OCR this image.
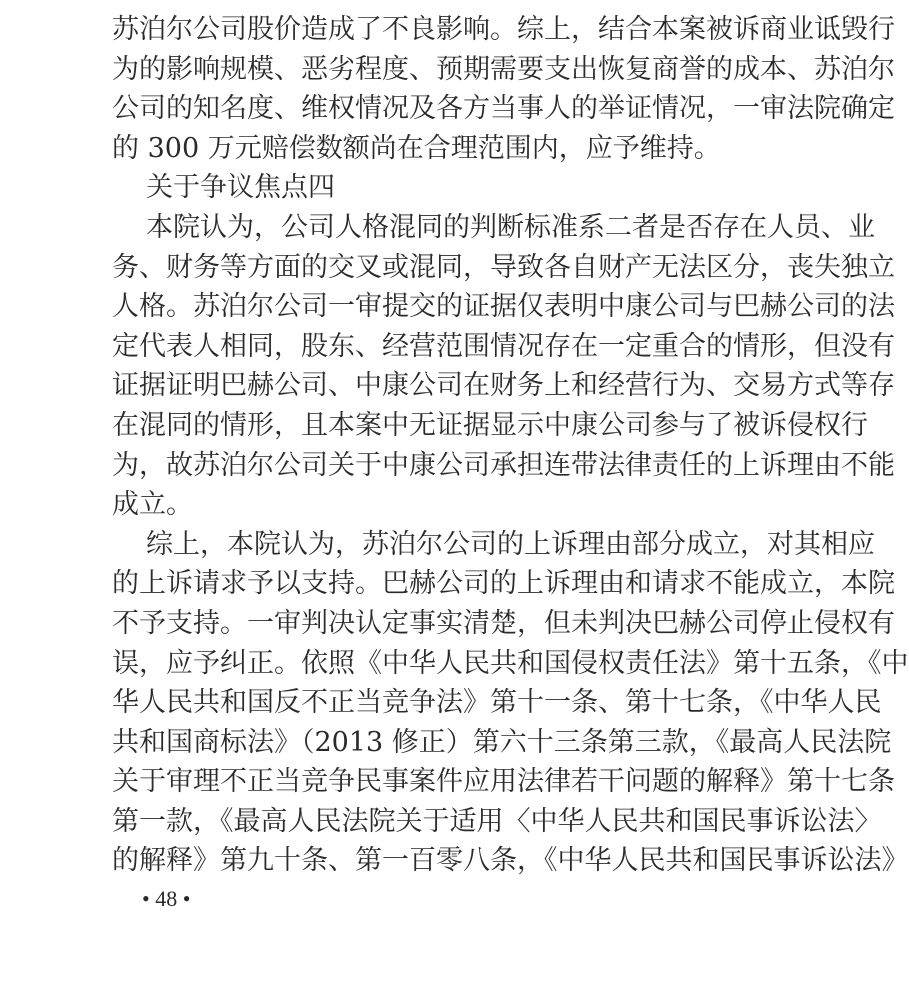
苏泊尔公司股价造成了不良影响。综上，结合本案被诉商业诋毁行
为的影响规模、恶劣程度、预期需要支出恢复商誉的成本、苏泊尔
公司的知名度、维权情况及各方当事人的举证情况，一审法院确定
的 300 万元赔偿数额尚在合理范围内，应予维持。
关于争议焦点四
本院认为，公司人格混同的判断标准系二者是否存在人员、业
务、财务等方面的交叉或混同，导致各自财产无法区分，丧失独立
人格。苏泊尔公司一审提交的证据仅表明中康公司与巴赫公司的法
定代表人相同，股东、经营范围情况存在一定重合的情形，但没有
证据证明巴赫公司、中康公司在财务上和经营行为、交易方式等存
在混同的情形，且本案中无证据显示中康公司参与了被诉侵权行
为，故苏泊尔公司关于中康公司承担连带法律责任的上诉理由不能
成立。
综上，本院认为，苏泊尔公司的上诉理由部分成立，对其相应
的上诉请求予以支持。巴赫公司的上诉理由和请求不能成立，本院
不予支持。一审判决认定事实清楚，但未判决巴赫公司停止侵权有
误，应予纠正。依照《中华人民共和国侵权责任法》第十五条，《中
华人民共和国反不正当竞争法》第十一条、第十七条，《中华人民
共和国商标法》（2013 修正）第六十三条第三款，《最高人民法院
关于审理不正当竞争民事案件应用法律若干问题的解释》第十七条
第一款，《最高人民法院关于适用〈中华人民共和国民事诉讼法〉
的解释》第九十条、第一百零八条，《中华人民共和国民事诉讼法》
• 48 •
